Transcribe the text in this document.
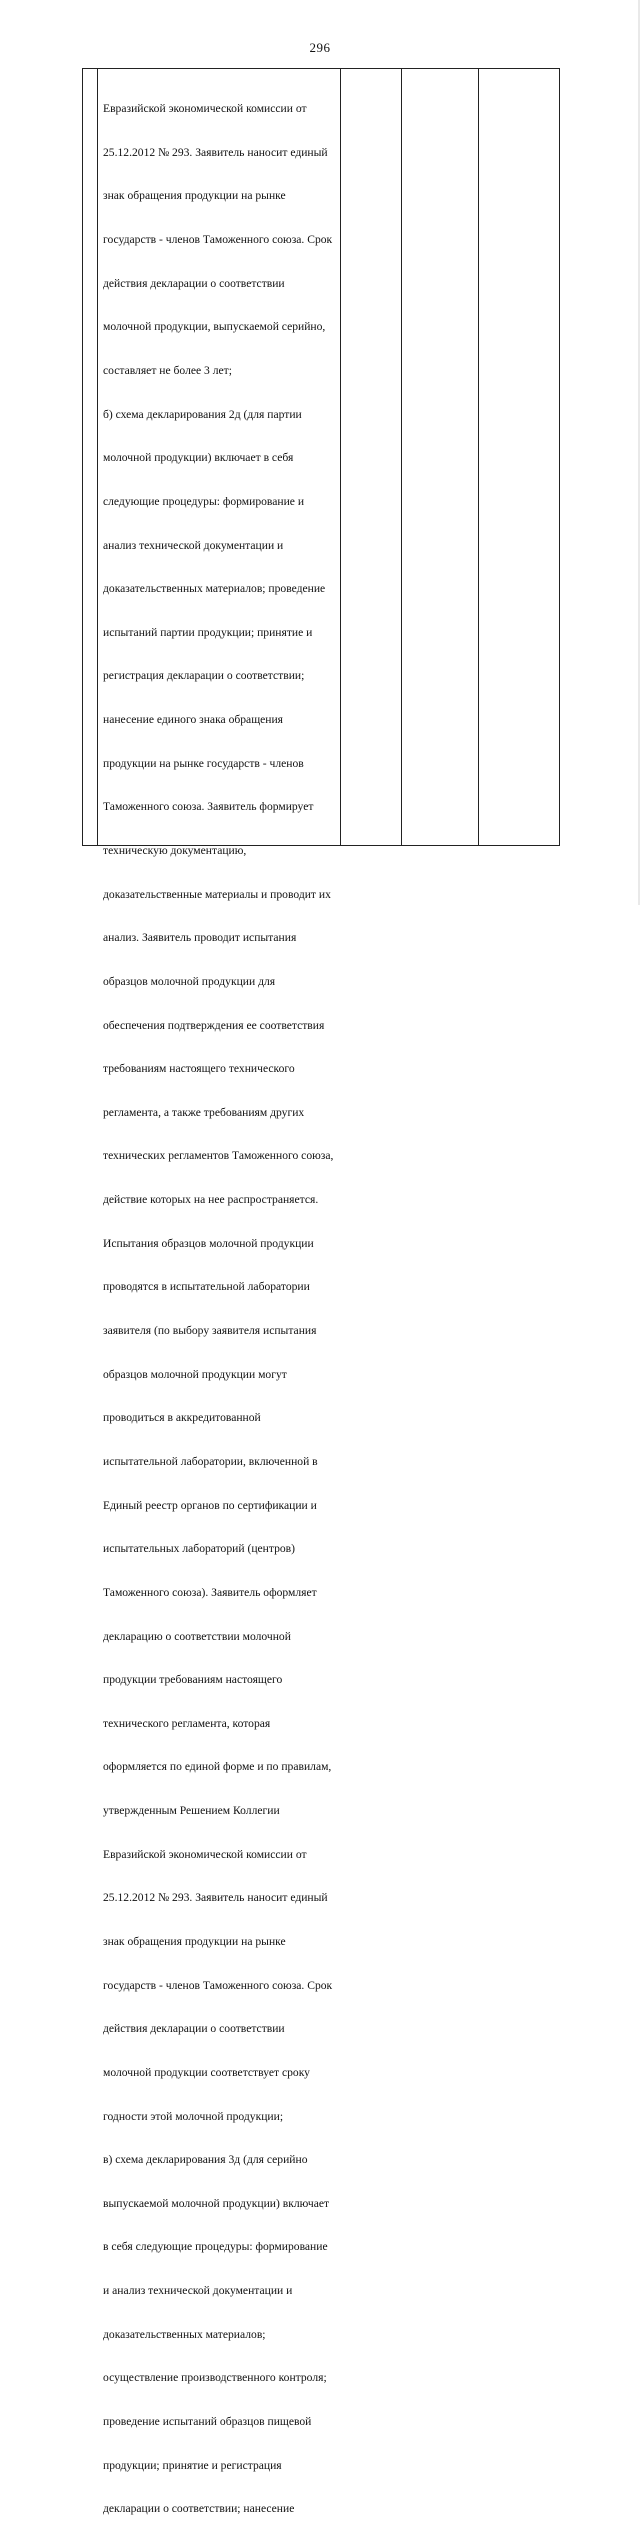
296

Евразийской экономической комиссии от

25.12.2012 № 293. Заявитель наносит единый

знак обращения продукции на рынке

государств - членов Таможенного союза. Срок

действия декларации о соответствии

молочной продукции, выпускаемой серийно,

составляет не более 3 лет;

б) схема декларирования 2д (для партии

молочной продукции) включает в себя

следующие процедуры: формирование и

анализ технической документации и

доказательственных материалов; проведение

испытаний партии продукции; принятие и

регистрация декларации о соответствии;

нанесение единого знака обращения

продукции на рынке государств - членов

Таможенного союза. Заявитель формирует

техническую документацию,

доказательственные материалы и проводит их

анализ. Заявитель проводит испытания

образцов молочной продукции для

обеспечения подтверждения ее соответствия

требованиям настоящего технического

регламента, а также требованиям других

технических регламентов Таможенного союза,

действие которых на нее распространяется.

Испытания образцов молочной продукции

проводятся в испытательной лаборатории

заявителя (по выбору заявителя испытания

образцов молочной продукции могут

проводиться в аккредитованной

испытательной лаборатории, включенной в

Единый реестр органов по сертификации и

испытательных лабораторий (центров)

Таможенного союза). Заявитель оформляет

декларацию о соответствии молочной

продукции требованиям настоящего

технического регламента, которая

оформляется по единой форме и по правилам,

утвержденным Решением Коллегии

Евразийской экономической комиссии от

25.12.2012 № 293. Заявитель наносит единый

знак обращения продукции на рынке

государств - членов Таможенного союза. Срок

действия декларации о соответствии

молочной продукции соответствует сроку

годности этой молочной продукции;

в) схема декларирования 3д (для серийно

выпускаемой молочной продукции) включает

в себя следующие процедуры: формирование

и анализ технической документации и

доказательственных материалов;

осуществление производственного контроля;

проведение испытаний образцов пищевой

продукции; принятие и регистрация

декларации о соответствии; нанесение
